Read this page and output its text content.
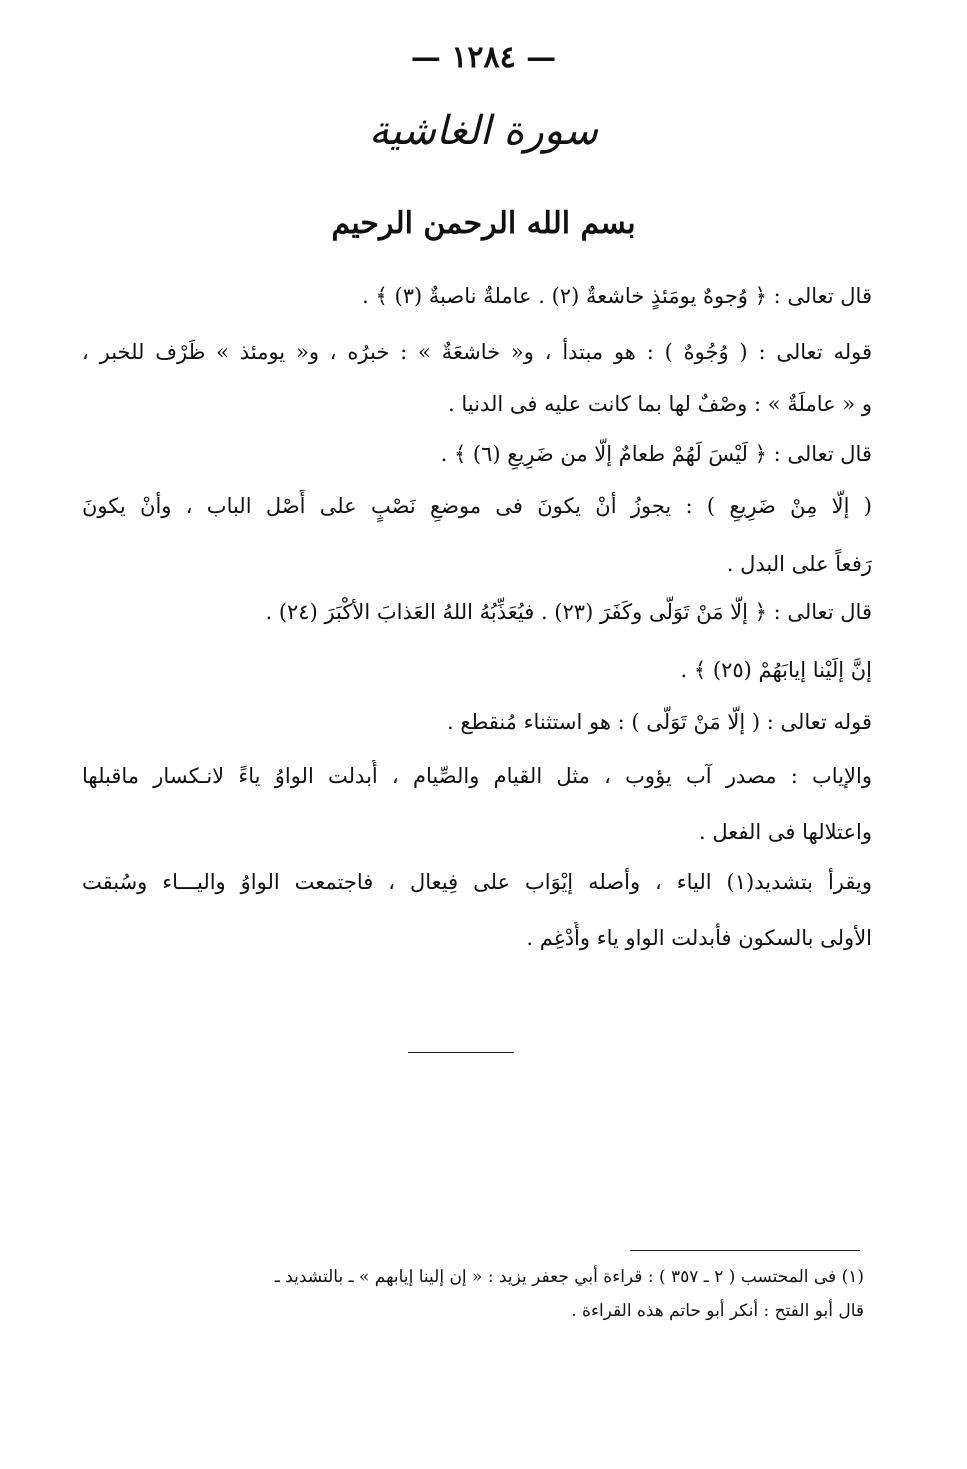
— ١٢٨٤ —
سورة الغاشية
بسم الله الرحمن الرحيم
قال تعالى : ﴿ وُجوهٌ يومَئذٍ خاشعةٌ (٢) . عاملةٌ ناصبةٌ (٣) ﴾ .
قوله تعالى : ( وُجُوهٌ ) : هو مبتدأ ، و« خاشعَةٌ » : خبرُه ، و« يومئذ » ظَرْف للخبر ،
و « عاملَةٌ » : وصْفٌ لها بما كانت عليه فى الدنيا .
قال تعالى : ﴿ لَيْسَ لَهُمْ طعامٌ إلّا من ضَرِيعٍ (٦) ﴾ .
( إلّا مِنْ ضَرِيعٍ ) : يجوزُ أنْ يكونَ فى موضعِ نَصْبٍ على أَصْل الباب ، وأنْ يكونَ
رَفعاً على البدل .
قال تعالى : ﴿ إلّا مَنْ تَوَلَّى وكَفَرَ (٢٣) . فيُعَذِّبُهُ اللهُ العَذابَ الأكْبَرَ (٢٤) .
إنَّ إلَيْنا إيابَهُمْ (٢٥) ﴾ .
قوله تعالى : ( إلّا مَنْ تَوَلّى ) : هو استثناء مُنقطع .
والإياب : مصدر آب يؤوب ، مثل القيام والصِّيام ، أُبدلت الواوُ ياءً لانـكسار ماقبلها
واعتلالها فى الفعل .
ويقرأ بتشديد(١) الياء ، وأصله إيْوَاب على فِيعال ، فاجتمعت الواوُ واليـــاء وسُبقت
الأولى بالسكون فأُبدلت الواو ياء وأُدْغِم .
(١) فى المحتسب ( ٢ ـ ٣٥٧ ) : قراءة أبي جعفر يزيد : « إن إلينا إيابهم » ـ بالتشديد ـ
قال أبو الفتح : أنكر أبو حاتم هذه القراءة .
